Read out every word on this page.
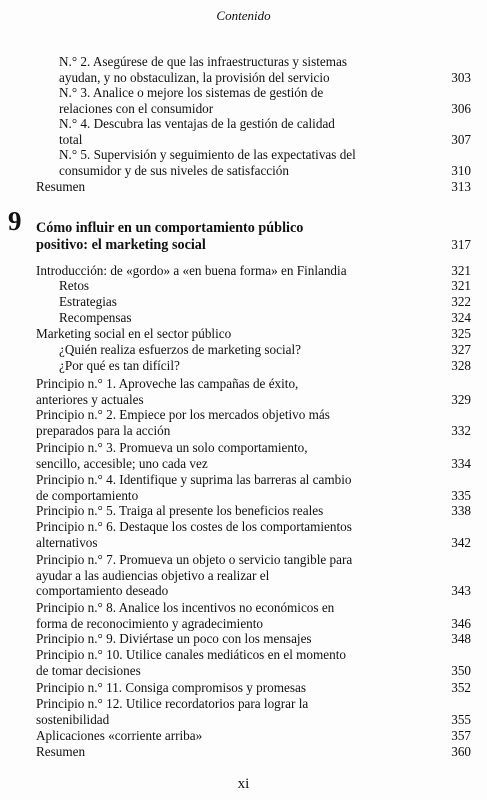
Contenido
9
N.° 2. Asegúrese de que las infraestructuras y sistemas
ayudan, y no obstaculizan, la provisión del servicio	303
N.° 3. Analice o mejore los sistemas de gestión de
relaciones con el consumidor	306
N.° 4. Descubra las ventajas de la gestión de calidad
total	307
N.° 5. Supervisión y seguimiento de las expectativas del
consumidor y de sus niveles de satisfacción	310
Resumen	313
Cómo influir en un comportamiento público
positivo: el marketing social	317
Introducción: de «gordo» a «en buena forma» en Finlandia	321
Retos	321
Estrategias	322
Recompensas	324
Marketing social en el sector público	325
¿Quién realiza esfuerzos de marketing social?	327
¿Por qué es tan difícil?	328
Principio n.° 1. Aproveche las campañas de éxito,
anteriores y actuales	329
Principio n.° 2. Empiece por los mercados objetivo más
preparados para la acción	332
Principio n.° 3. Promueva un solo comportamiento,
sencillo, accesible; uno cada vez	334
Principio n.° 4. Identifique y suprima las barreras al cambio
de comportamiento	335
Principio n.° 5. Traiga al presente los beneficios reales	338
Principio n.° 6. Destaque los costes de los comportamientos
alternativos	342
Principio n.° 7. Promueva un objeto o servicio tangible para
ayudar a las audiencias objetivo a realizar el
comportamiento deseado	343
Principio n.° 8. Analice los incentivos no económicos en
forma de reconocimiento y agradecimiento	346
Principio n.° 9. Diviértase un poco con los mensajes	348
Principio n.° 10. Utilice canales mediáticos en el momento
de tomar decisiones	350
Principio n.° 11. Consiga compromisos y promesas	352
Principio n.° 12. Utilice recordatorios para lograr la
sostenibilidad	355
Aplicaciones «corriente arriba»	357
Resumen	360
xi
